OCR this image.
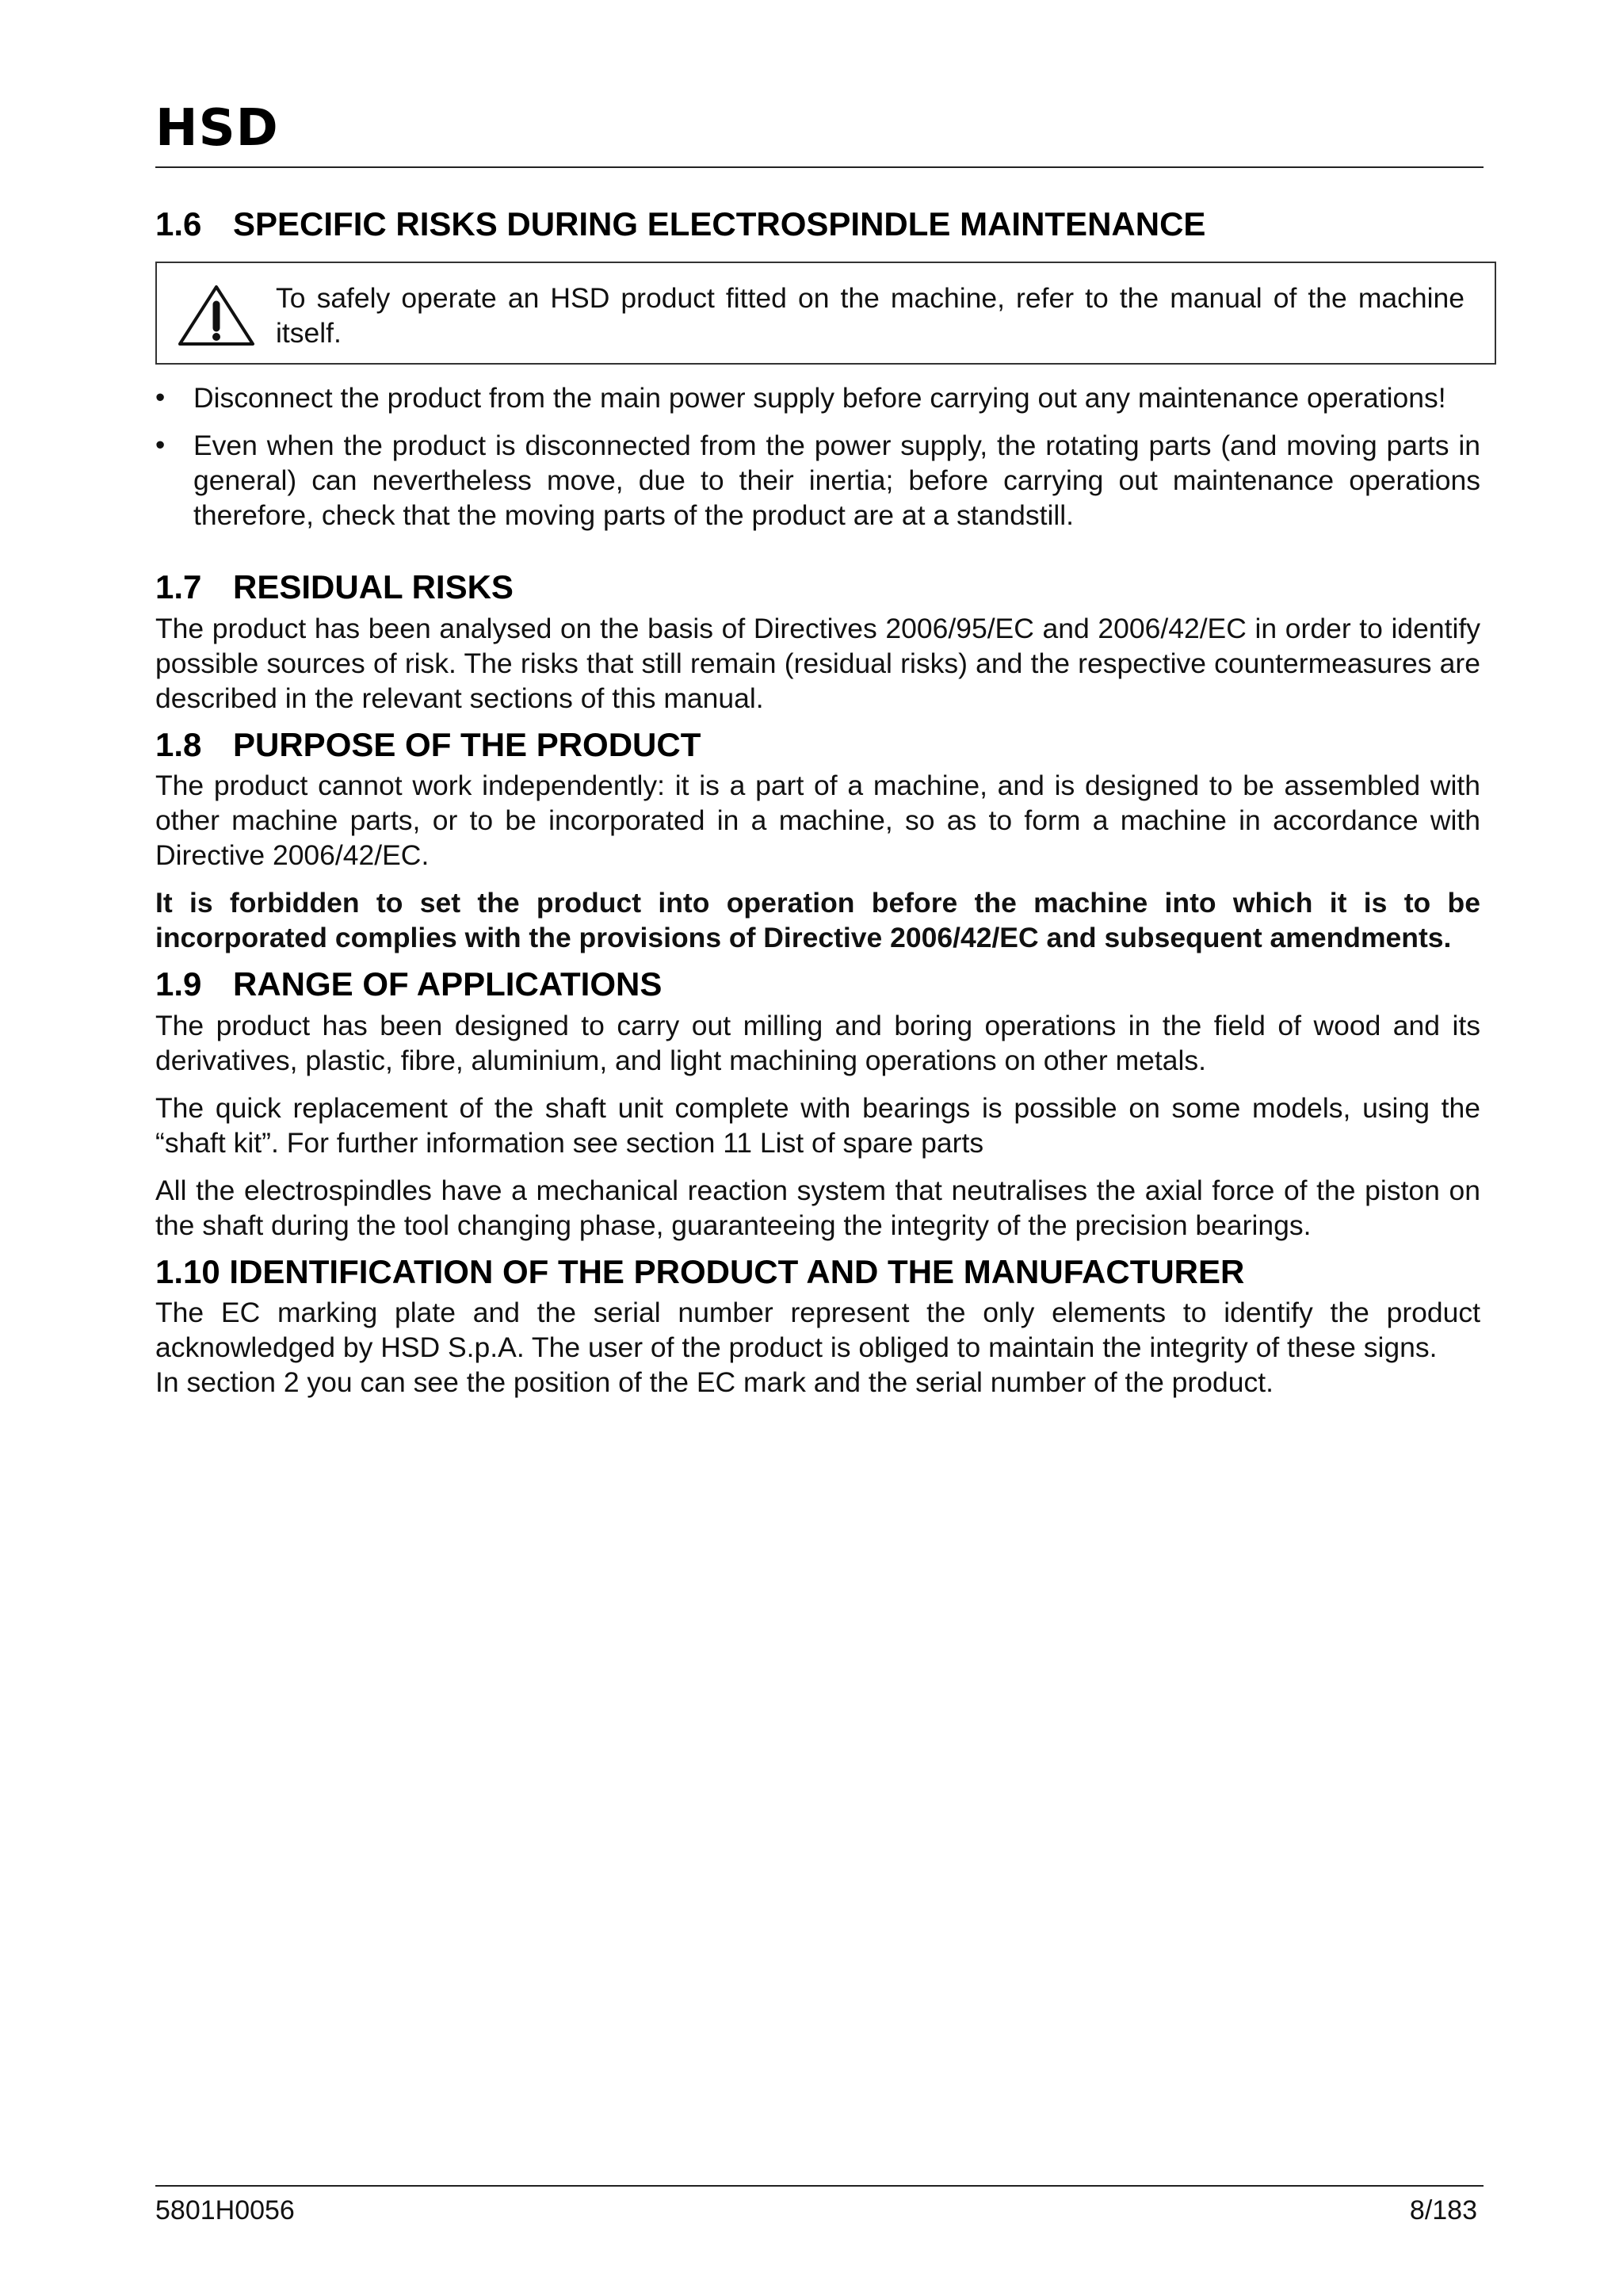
HSD
1.6 SPECIFIC RISKS DURING ELECTROSPINDLE MAINTENANCE
To safely operate an HSD product fitted on the machine, refer to the manual of the machine itself.
• Disconnect the product from the main power supply before carrying out any maintenance operations!
• Even when the product is disconnected from the power supply, the rotating parts (and moving parts in general) can nevertheless move, due to their inertia; before carrying out maintenance operations therefore, check that the moving parts of the product are at a standstill.
1.7 RESIDUAL RISKS

The product has been analysed on the basis of Directives 2006/95/EC and 2006/42/EC in order to identify possible sources of risk. The risks that still remain (residual risks) and the respective countermeasures are described in the relevant sections of this manual.

1.8 PURPOSE OF THE PRODUCT

The product cannot work independently: it is a part of a machine, and is designed to be assembled with other machine parts, or to be incorporated in a machine, so as to form a machine in accordance with Directive 2006/42/EC.

It is forbidden to set the product into operation before the machine into which it is to be incorporated complies with the provisions of Directive 2006/42/EC and subsequent amendments.

1.9 RANGE OF APPLICATIONS

The product has been designed to carry out milling and boring operations in the field of wood and its derivatives, plastic, fibre, aluminium, and light machining operations on other metals.

The quick replacement of the shaft unit complete with bearings is possible on some models, using the “shaft kit”. For further information see section 11 List of spare parts

All the electrospindles have a mechanical reaction system that neutralises the axial force of the piston on the shaft during the tool changing phase, guaranteeing the integrity of the precision bearings.

1.10 IDENTIFICATION OF THE PRODUCT AND THE MANUFACTURER

The EC marking plate and the serial number represent the only elements to identify the product acknowledged by HSD S.p.A. The user of the product is obliged to maintain the integrity of these signs.

In section 2 you can see the position of the EC mark and the serial number of the product.

5801H0056	8/183
